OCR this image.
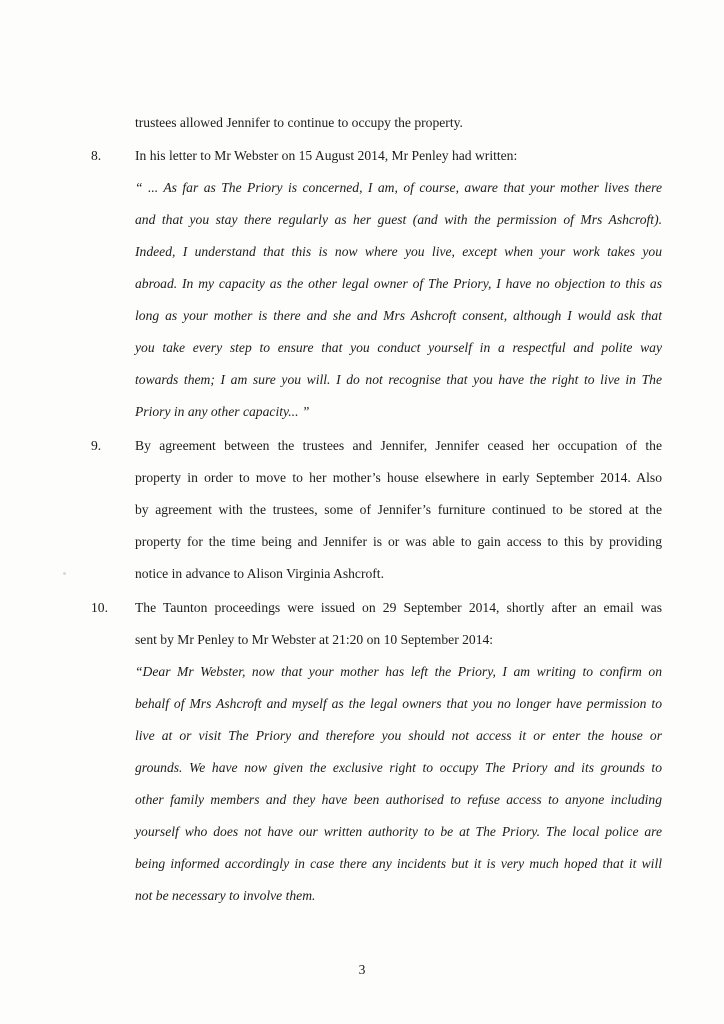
trustees allowed Jennifer to continue to occupy the property.
In his letter to Mr Webster on 15 August 2014, Mr Penley had written:
“ ... As far as The Priory is concerned, I am, of course, aware that your mother lives there
and that you stay there regularly as her guest (and with the permission of Mrs Ashcroft).
Indeed, I understand that this is now where you live, except when your work takes you
abroad. In my capacity as the other legal owner of The Priory, I have no objection to this as
long as your mother is there and she and Mrs Ashcroft consent, although I would ask that
you take every step to ensure that you conduct yourself in a respectful and polite way
towards them; I am sure you will. I do not recognise that you have the right to live in The
Priory in any other capacity... ”
By agreement between the trustees and Jennifer, Jennifer ceased her occupation of the
property in order to move to her mother’s house elsewhere in early September 2014. Also
by agreement with the trustees, some of Jennifer’s furniture continued to be stored at the
property for the time being and Jennifer is or was able to gain access to this by providing
notice in advance to Alison Virginia Ashcroft.
The Taunton proceedings were issued on 29 September 2014, shortly after an email was
sent by Mr Penley to Mr Webster at 21:20 on 10 September 2014:
“Dear Mr Webster, now that your mother has left the Priory, I am writing to confirm on
behalf of Mrs Ashcroft and myself as the legal owners that you no longer have permission to
live at or visit The Priory and therefore you should not access it or enter the house or
grounds. We have now given the exclusive right to occupy The Priory and its grounds to
other family members and they have been authorised to refuse access to anyone including
yourself who does not have our written authority to be at The Priory. The local police are
being informed accordingly in case there any incidents but it is very much hoped that it will
not be necessary to involve them.
8.
9.
10.
3
